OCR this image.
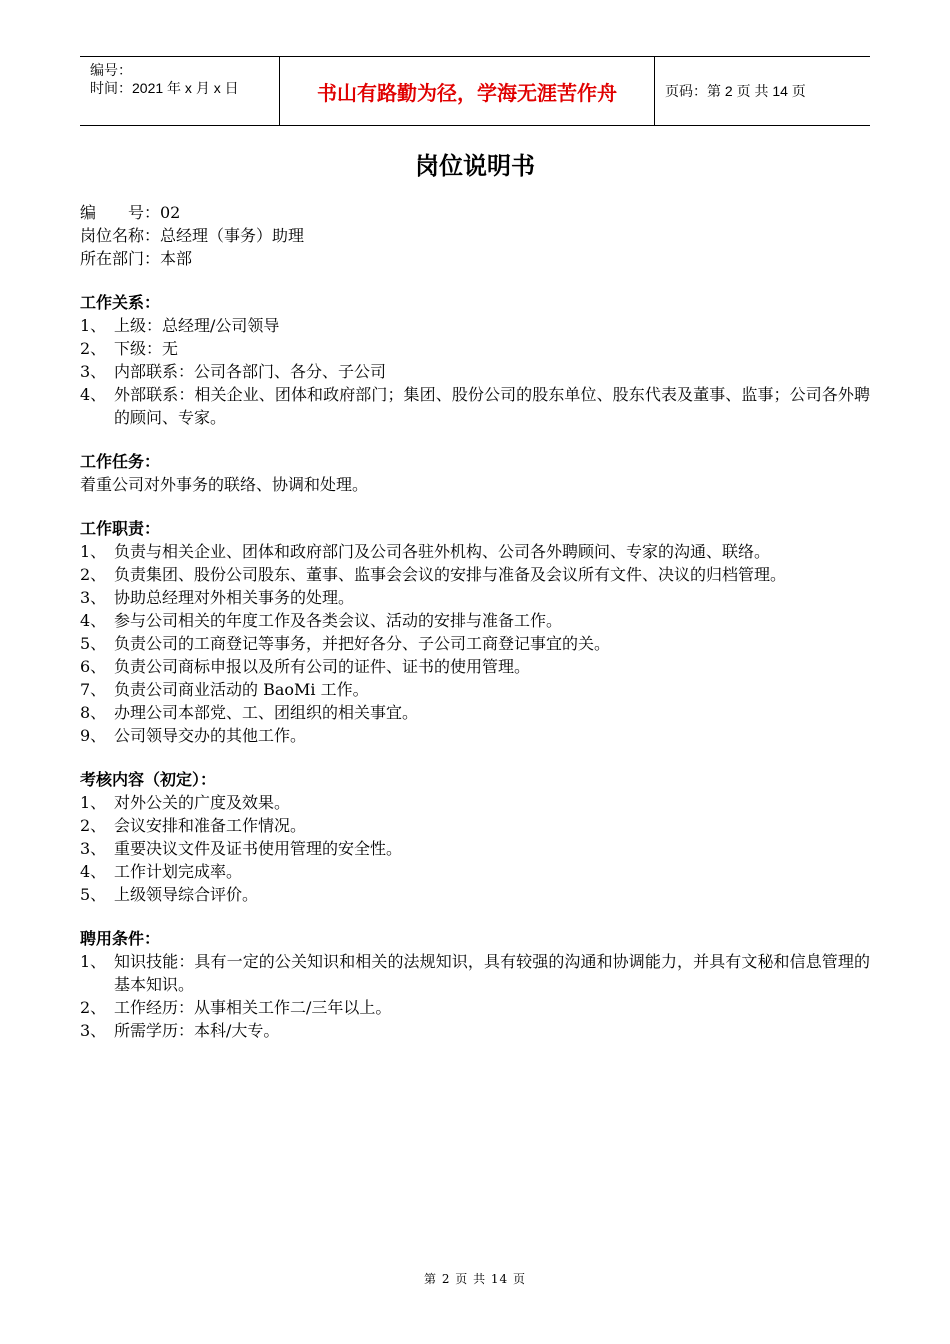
编号：
时间：2021 年 x 月 x 日	书山有路勤为径，学海无涯苦作舟	页码：第 2 页 共 14 页
岗位说明书
编　　号：02
岗位名称：总经理（事务）助理
所在部门：本部
工作关系：
1、 上级：总经理/公司领导
2、 下级：无
3、 内部联系：公司各部门、各分、子公司
4、 外部联系：相关企业、团体和政府部门；集团、股份公司的股东单位、股东代表及董事、监事；公司各外聘的顾问、专家。
工作任务：
着重公司对外事务的联络、协调和处理。
工作职责：
1、 负责与相关企业、团体和政府部门及公司各驻外机构、公司各外聘顾问、专家的沟通、联络。
2、 负责集团、股份公司股东、董事、监事会会议的安排与准备及会议所有文件、决议的归档管理。
3、 协助总经理对外相关事务的处理。
4、 参与公司相关的年度工作及各类会议、活动的安排与准备工作。
5、 负责公司的工商登记等事务，并把好各分、子公司工商登记事宜的关。
6、 负责公司商标申报以及所有公司的证件、证书的使用管理。
7、 负责公司商业活动的 BaoMi 工作。
8、 办理公司本部党、工、团组织的相关事宜。
9、 公司领导交办的其他工作。
考核内容（初定）：
1、 对外公关的广度及效果。
2、 会议安排和准备工作情况。
3、 重要决议文件及证书使用管理的安全性。
4、 工作计划完成率。
5、 上级领导综合评价。
聘用条件：
1、 知识技能：具有一定的公关知识和相关的法规知识，具有较强的沟通和协调能力，并具有文秘和信息管理的基本知识。
2、 工作经历：从事相关工作二/三年以上。
3、 所需学历：本科/大专。
第 2 页 共 14 页
